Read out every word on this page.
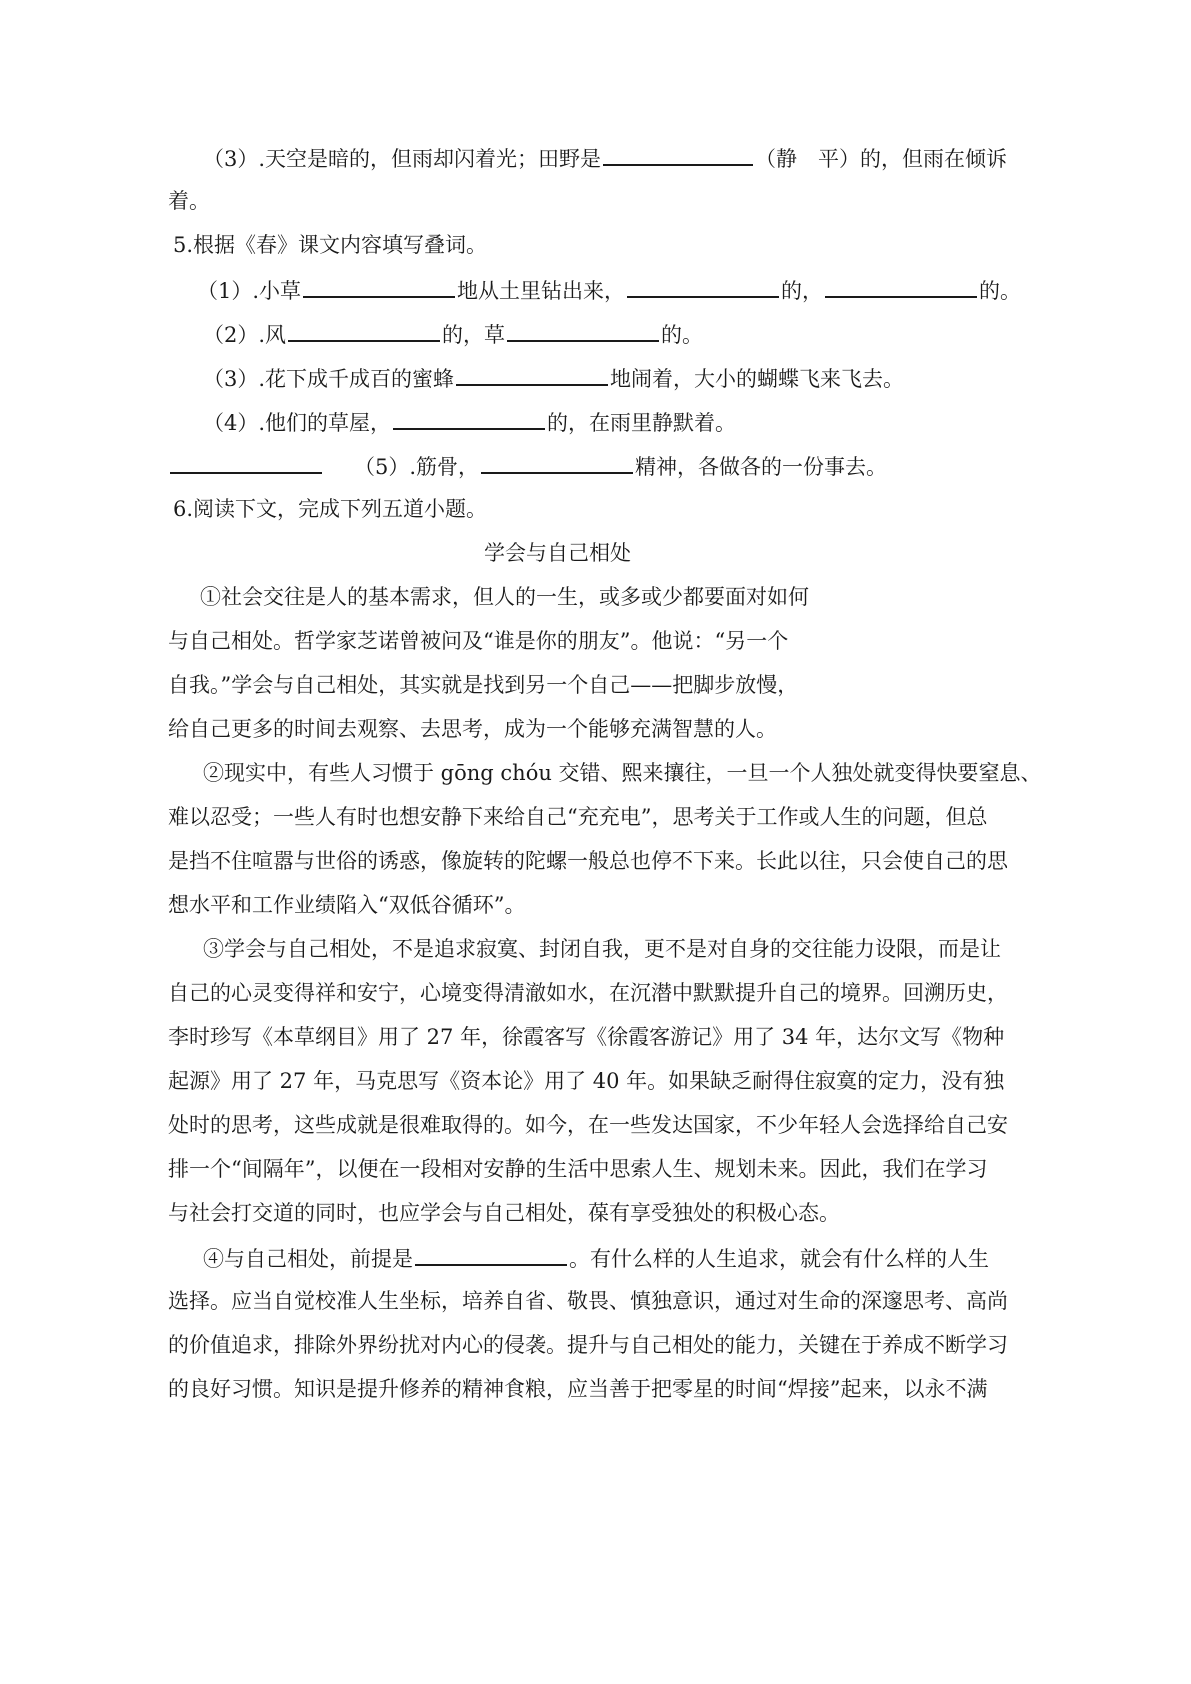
（3）.天空是暗的，但雨却闪着光；田野是	（静　平）的，但雨在倾诉
着。
5.根据《春》课文内容填写叠词。
（1）.小草	地从土里钻出来，	的，	的。
（2）.风	的，草	的。
（3）.花下成千成百的蜜蜂	地闹着，大小的蝴蝶飞来飞去。
（4）.他们的草屋，	的，在雨里静默着。
（5）.筋骨，	精神，各做各的一份事去。
6.阅读下文，完成下列五道小题。
学会与自己相处
①社会交往是人的基本需求，但人的一生，或多或少都要面对如何
与自己相处。哲学家芝诺曾被问及“谁是你的朋友”。他说：“另一个
自我。”学会与自己相处，其实就是找到另一个自己——把脚步放慢，
给自己更多的时间去观察、去思考，成为一个能够充满智慧的人。
②现实中，有些人习惯于 gōng chóu 交错、熙来攘往，一旦一个人独处就变得快要窒息、
难以忍受；一些人有时也想安静下来给自己“充充电”，思考关于工作或人生的问题，但总
是挡不住喧嚣与世俗的诱惑，像旋转的陀螺一般总也停不下来。长此以往，只会使自己的思
想水平和工作业绩陷入“双低谷循环”。
③学会与自己相处，不是追求寂寞、封闭自我，更不是对自身的交往能力设限，而是让
自己的心灵变得祥和安宁，心境变得清澈如水，在沉潜中默默提升自己的境界。回溯历史，
李时珍写《本草纲目》用了 27 年，徐霞客写《徐霞客游记》用了 34 年，达尔文写《物种
起源》用了 27 年，马克思写《资本论》用了 40 年。如果缺乏耐得住寂寞的定力，没有独
处时的思考，这些成就是很难取得的。如今，在一些发达国家，不少年轻人会选择给自己安
排一个“间隔年”，以便在一段相对安静的生活中思索人生、规划未来。因此，我们在学习
与社会打交道的同时，也应学会与自己相处，葆有享受独处的积极心态。
④与自己相处，前提是	。有什么样的人生追求，就会有什么样的人生
选择。应当自觉校准人生坐标，培养自省、敬畏、慎独意识，通过对生命的深邃思考、高尚
的价值追求，排除外界纷扰对内心的侵袭。提升与自己相处的能力，关键在于养成不断学习
的良好习惯。知识是提升修养的精神食粮，应当善于把零星的时间“焊接”起来，以永不满
